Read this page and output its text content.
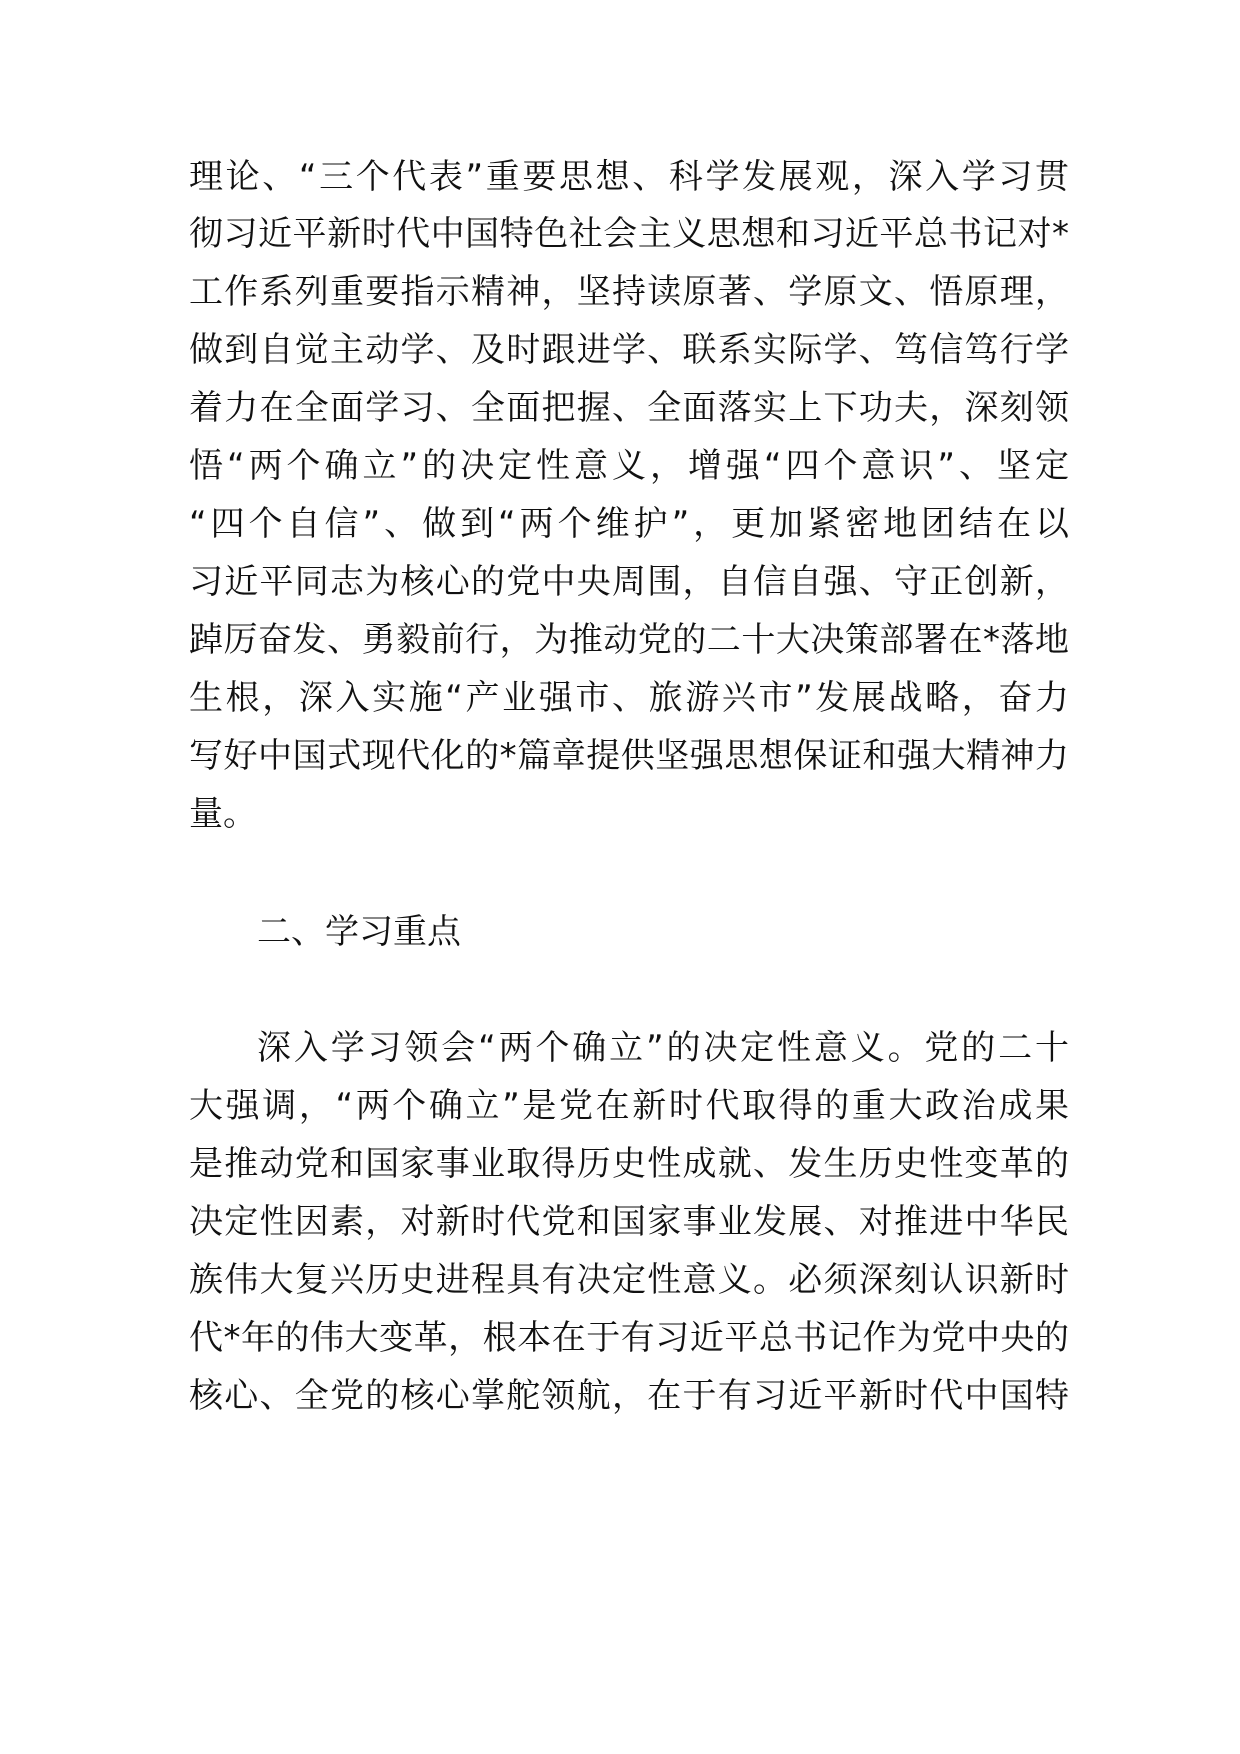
理论、“三个代表”重要思想、科学发展观，深入学习贯
彻习近平新时代中国特色社会主义思想和习近平总书记对*
工作系列重要指示精神，坚持读原著、学原文、悟原理，
做到自觉主动学、及时跟进学、联系实际学、笃信笃行学
着力在全面学习、全面把握、全面落实上下功夫，深刻领
悟“两个确立”的决定性意义，增强“四个意识”、坚定
“四个自信”、做到“两个维护”，更加紧密地团结在以
习近平同志为核心的党中央周围，自信自强、守正创新，
踔厉奋发、勇毅前行，为推动党的二十大决策部署在*落地
生根，深入实施“产业强市、旅游兴市”发展战略，奋力
写好中国式现代化的*篇章提供坚强思想保证和强大精神力
量。
二、学习重点
深入学习领会“两个确立”的决定性意义。党的二十
大强调，“两个确立”是党在新时代取得的重大政治成果
是推动党和国家事业取得历史性成就、发生历史性变革的
决定性因素，对新时代党和国家事业发展、对推进中华民
族伟大复兴历史进程具有决定性意义。必须深刻认识新时
代*年的伟大变革，根本在于有习近平总书记作为党中央的
核心、全党的核心掌舵领航，在于有习近平新时代中国特
